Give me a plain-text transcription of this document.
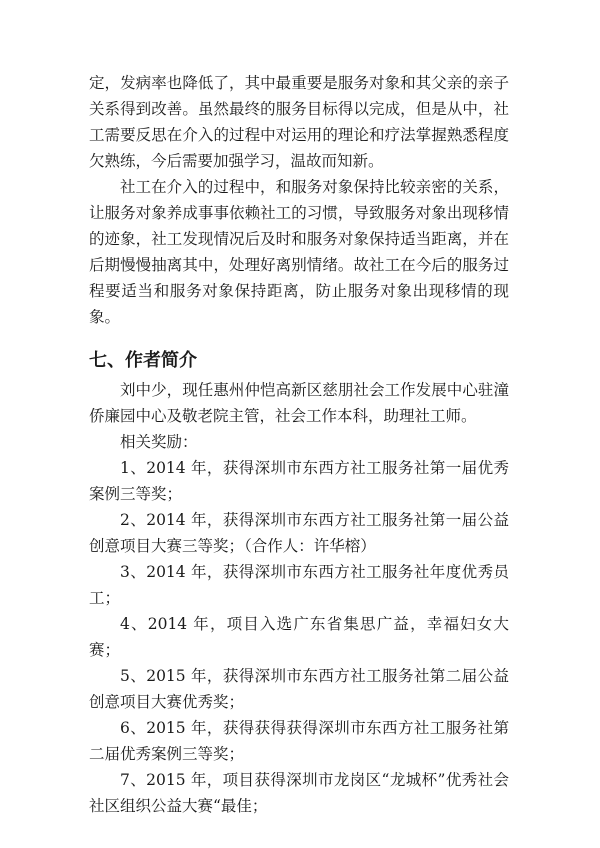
定，发病率也降低了，其中最重要是服务对象和其父亲的亲子关系得到改善。虽然最终的服务目标得以完成，但是从中，社工需要反思在介入的过程中对运用的理论和疗法掌握熟悉程度欠熟练，今后需要加强学习，温故而知新。

社工在介入的过程中，和服务对象保持比较亲密的关系，让服务对象养成事事依赖社工的习惯，导致服务对象出现移情的迹象，社工发现情况后及时和服务对象保持适当距离，并在后期慢慢抽离其中，处理好离别情绪。故社工在今后的服务过程要适当和服务对象保持距离，防止服务对象出现移情的现象。

七、作者简介

刘中少，现任惠州仲恺高新区慈朋社会工作发展中心驻潼侨廉园中心及敬老院主管，社会工作本科，助理社工师。

相关奖励：

1、2014 年，获得深圳市东西方社工服务社第一届优秀案例三等奖；

2、2014 年，获得深圳市东西方社工服务社第一届公益创意项目大赛三等奖；（合作人：许华榕）

3、2014 年，获得深圳市东西方社工服务社年度优秀员工；

4、2014 年，项目入选广东省集思广益，幸福妇女大赛；

5、2015 年，获得深圳市东西方社工服务社第二届公益创意项目大赛优秀奖；

6、2015 年，获得获得获得深圳市东西方社工服务社第二届优秀案例三等奖；

7、2015 年，项目获得深圳市龙岗区“龙城杯”优秀社会社区组织公益大赛“最佳；
